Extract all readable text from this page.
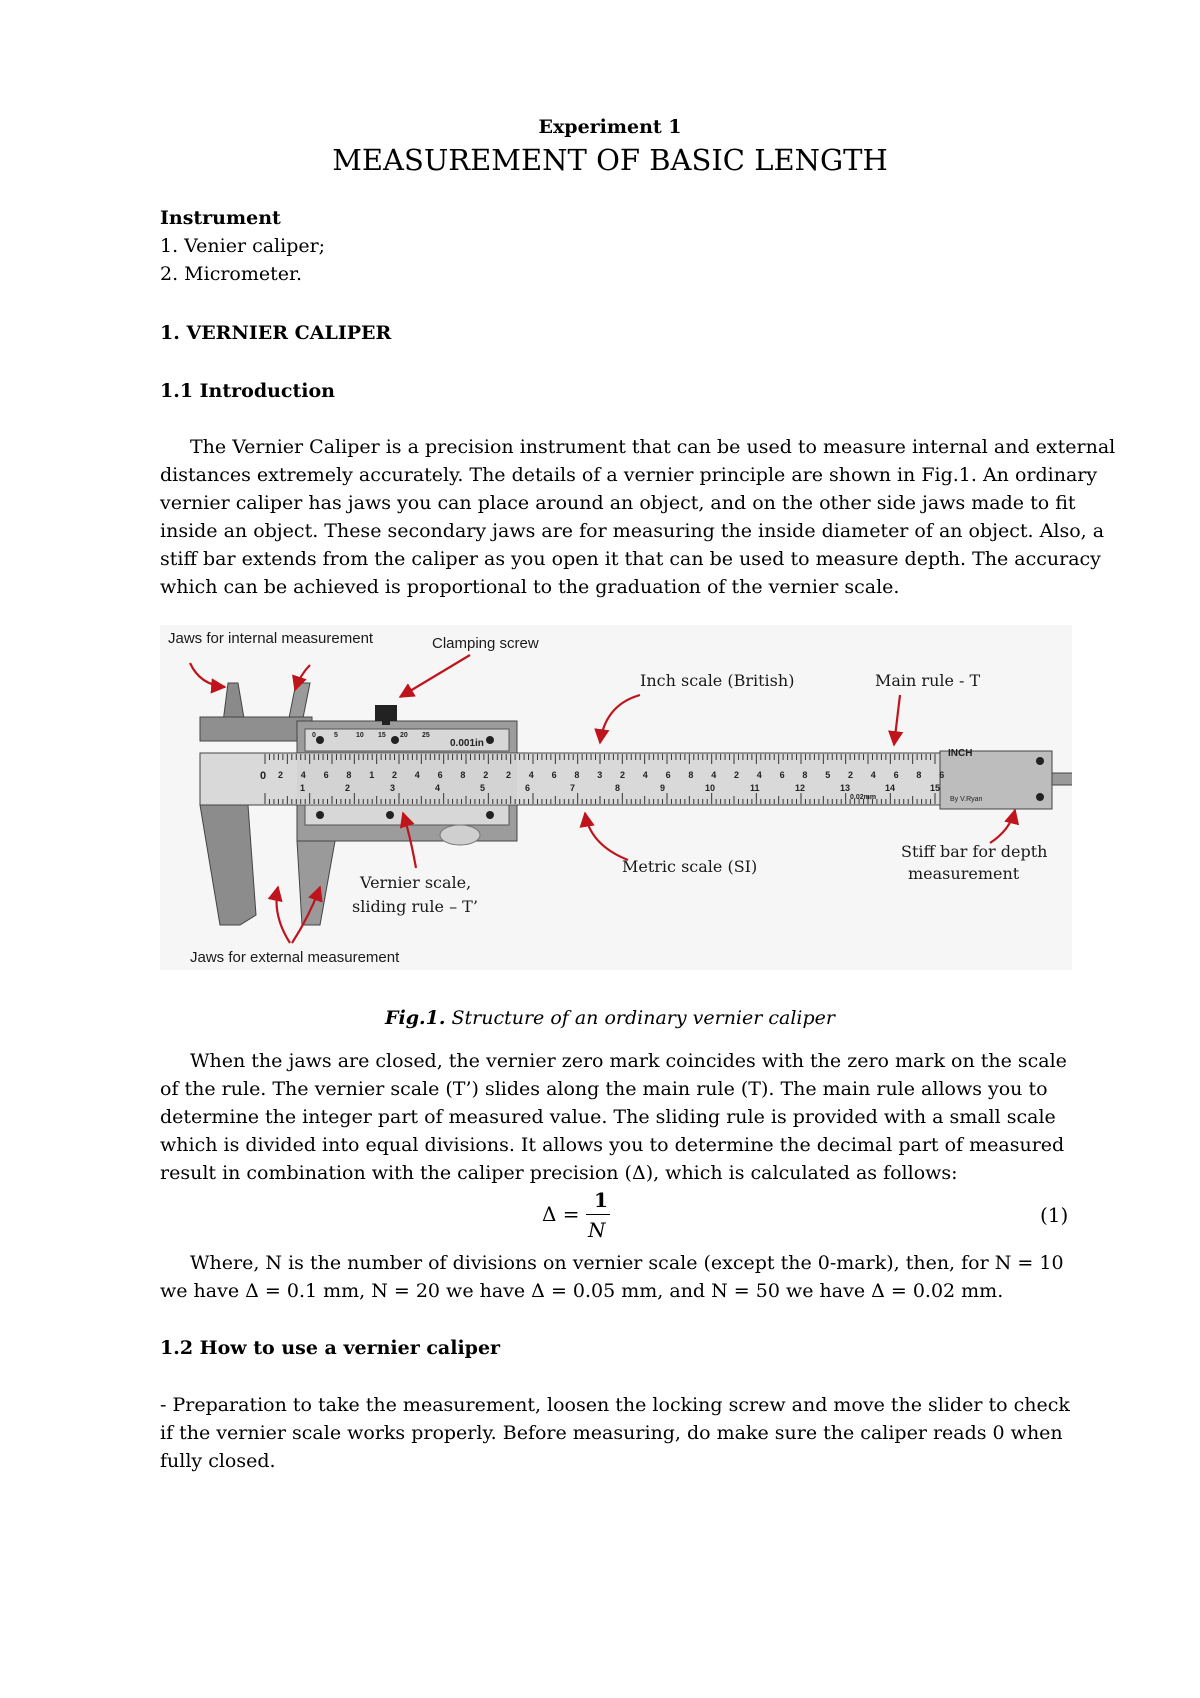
Experiment 1

MEASUREMENT OF BASIC LENGTH

Instrument

1. Venier caliper;

2. Micrometer.

1. VERNIER CALIPER

1.1 Introduction

The Vernier Caliper is a precision instrument that can be used to measure internal and external

distances extremely accurately. The details of a vernier principle are shown in Fig.1. An ordinary

vernier caliper has jaws you can place around an object, and on the other side jaws made to fit

inside an object. These secondary jaws are for measuring the inside diameter of an object. Also, a

stiff bar extends from the caliper as you open it that can be used to measure depth. The accuracy

which can be achieved is proportional to the graduation of the vernier scale.

2 4 6 8 1 2 4 6 8 2 2 4 6 8 3 2 4 6 8 4 2 4 6 8 5 2 4 6 8 6
1	2	3	4	5	6	7	8	9	10	11	12	13	14	15
0	5	10 15 20 25
0
INCH
0.001in
By V.Ryan
0.02mm
Jaws for internal measurement	Clamping screw
Inch scale (British)	Main rule - T
Vernier scale,
sliding rule – T’
Metric scale (SI)
Stiff bar for depth
measurement
Jaws for external measurement

Fig.1. Structure of an ordinary vernier caliper

When the jaws are closed, the vernier zero mark coincides with the zero mark on the scale

of the rule. The vernier scale (T’) slides along the main rule (T). The main rule allows you to

determine the integer part of measured value. The sliding rule is provided with a small scale

which is divided into equal divisions. It allows you to determine the decimal part of measured

result in combination with the caliper precision (Δ), which is calculated as follows:

Δ =
1
N
(1)

Where, N is the number of divisions on vernier scale (except the 0-mark), then, for N = 10

we have Δ = 0.1 mm, N = 20 we have Δ = 0.05 mm, and N = 50 we have Δ = 0.02 mm.

1.2 How to use a vernier caliper

- Preparation to take the measurement, loosen the locking screw and move the slider to check

if the vernier scale works properly. Before measuring, do make sure the caliper reads 0 when

fully closed.
